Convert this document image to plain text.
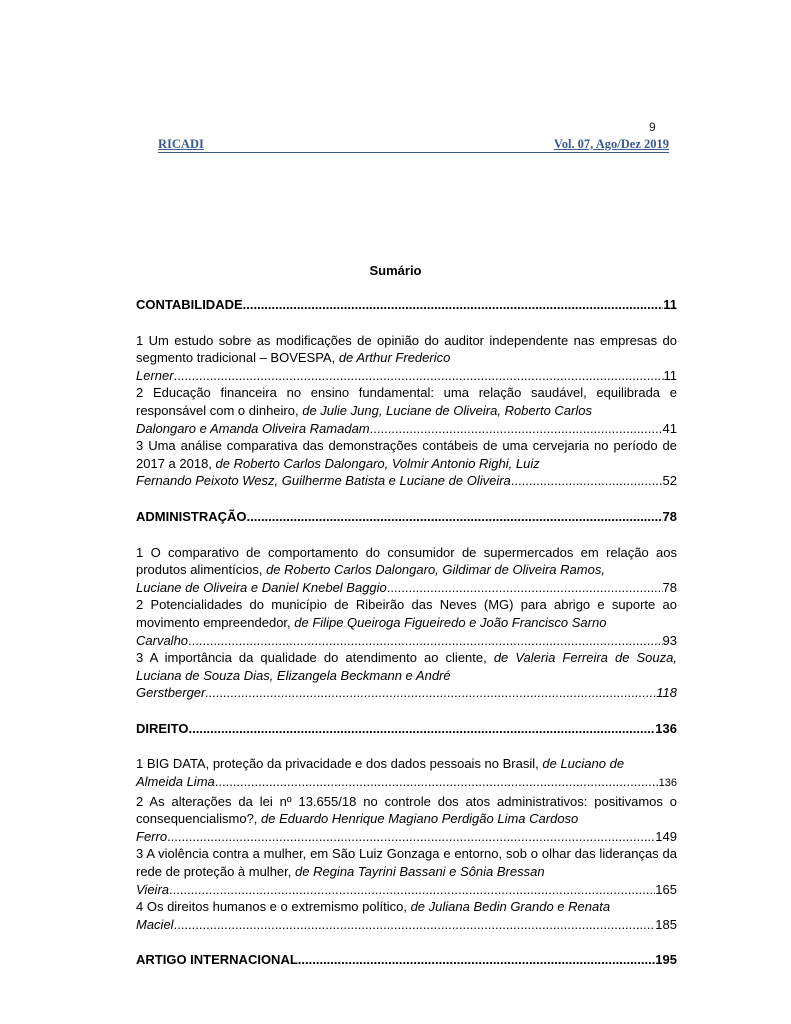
9
RICADI	Vol. 07, Ago/Dez 2019
Sumário
CONTABILIDADE .....	11
1 Um estudo sobre as modificações de opinião do auditor independente nas empresas do segmento tradicional – BOVESPA, de Arthur Frederico
Lerner .....	11
2 Educação financeira no ensino fundamental: uma relação saudável, equilibrada e responsável com o dinheiro, de Julie Jung, Luciane de Oliveira, Roberto Carlos
Dalongaro e Amanda Oliveira Ramadam .....	41
3 Uma análise comparativa das demonstrações contábeis de uma cervejaria no período de 2017 a 2018, de Roberto Carlos Dalongaro, Volmir Antonio Righi, Luiz
Fernando Peixoto Wesz, Guilherme Batista e Luciane de Oliveira .....	52
ADMINISTRAÇÃO .....	78
1 O comparativo de comportamento do consumidor de supermercados em relação aos produtos alimentícios, de Roberto Carlos Dalongaro, Gildimar de Oliveira Ramos,
Luciane de Oliveira e Daniel Knebel Baggio .....	78
2 Potencialidades do município de Ribeirão das Neves (MG) para abrigo e suporte ao movimento empreendedor, de Filipe Queiroga Figueiredo e João Francisco Sarno
Carvalho .....	93
3 A importância da qualidade do atendimento ao cliente, de Valeria Ferreira de Souza, Luciana de Souza Dias, Elizangela Beckmann e André
Gerstberger .....	118
DIREITO .....	136
1 BIG DATA, proteção da privacidade e dos dados pessoais no Brasil, de Luciano de
Almeida Lima .....	136
2 As alterações da lei nº 13.655/18 no controle dos atos administrativos: positivamos o consequencialismo?, de Eduardo Henrique Magiano Perdigão Lima Cardoso
Ferro .....	149
3 A violência contra a mulher, em São Luiz Gonzaga e entorno, sob o olhar das lideranças da rede de proteção à mulher, de Regina Tayrini Bassani e Sônia Bressan
Vieira .....	165
4 Os direitos humanos e o extremismo político, de Juliana Bedin Grando e Renata
Maciel .....	185
ARTIGO INTERNACIONAL .....	195
